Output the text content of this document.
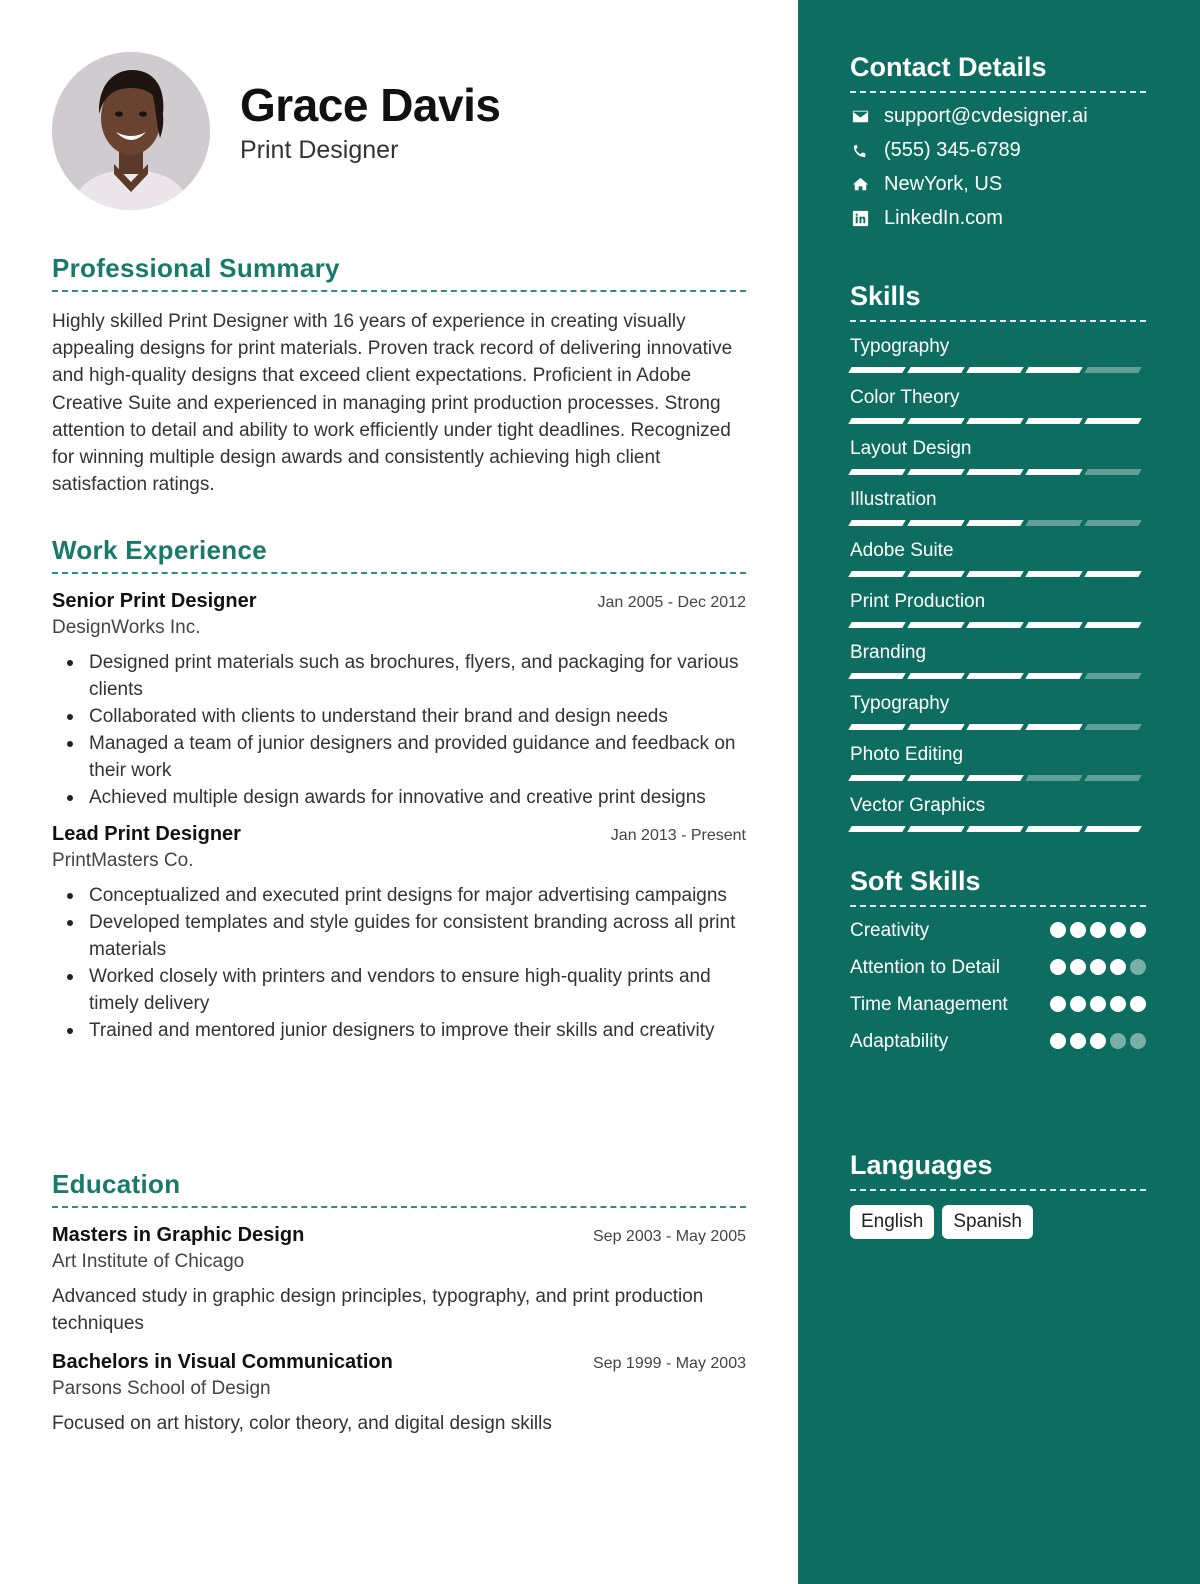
Grace Davis
Print Designer
Professional Summary

Highly skilled Print Designer with 16 years of experience in creating visually appealing designs for print materials. Proven track record of delivering innovative and high-quality designs that exceed client expectations. Proficient in Adobe Creative Suite and experienced in managing print production processes. Strong attention to detail and ability to work efficiently under tight deadlines. Recognized for winning multiple design awards and consistently achieving high client satisfaction ratings.

Work Experience
Senior Print Designer	Jan 2005 - Dec 2012
DesignWorks Inc.
Designed print materials such as brochures, flyers, and packaging for various clients
Collaborated with clients to understand their brand and design needs
Managed a team of junior designers and provided guidance and feedback on their work
Achieved multiple design awards for innovative and creative print designs
Lead Print Designer	Jan 2013 - Present
PrintMasters Co.
Conceptualized and executed print designs for major advertising campaigns
Developed templates and style guides for consistent branding across all print materials
Worked closely with printers and vendors to ensure high-quality prints and timely delivery
Trained and mentored junior designers to improve their skills and creativity
Education
Masters in Graphic Design	Sep 2003 - May 2005
Art Institute of Chicago

Advanced study in graphic design principles, typography, and print production techniques

Bachelors in Visual Communication	Sep 1999 - May 2003
Parsons School of Design

Focused on art history, color theory, and digital design skills

Contact Details
support@cvdesigner.ai
(555) 345-6789
NewYork, US
LinkedIn.com
Skills
Typography
Color Theory
Layout Design
Illustration
Adobe Suite
Print Production
Branding
Typography
Photo Editing
Vector Graphics
Soft Skills
Creativity
Attention to Detail
Time Management
Adaptability
Languages
English	Spanish
